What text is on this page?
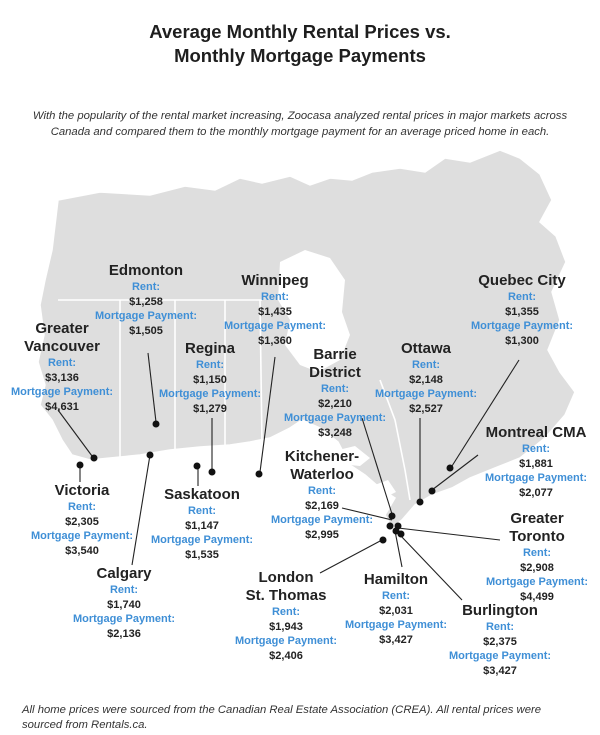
Average Monthly Rental Prices vs.
Monthly Mortgage Payments
With the popularity of the rental market increasing, Zoocasa analyzed rental prices in major markets across Canada and compared them to the monthly mortgage payment for an average priced home in each.
Edmonton
Rent:
$1,258
Mortgage Payment:
$1,505
Winnipeg
Rent:
$1,435
Mortgage Payment:
$1,360
Quebec City
Rent:
$1,355
Mortgage Payment:
$1,300
Greater
Vancouver
Rent:
$3,136
Mortgage Payment:
$4,631
Regina
Rent:
$1,150
Mortgage Payment:
$1,279
Barrie
District
Rent:
$2,210
Mortgage Payment:
$3,248
Ottawa
Rent:
$2,148
Mortgage Payment:
$2,527
Montreal CMA
Rent:
$1,881
Mortgage Payment:
$2,077
Kitchener-
Waterloo
Rent:
$2,169
Mortgage Payment:
$2,995
Victoria
Rent:
$2,305
Mortgage Payment:
$3,540
Saskatoon
Rent:
$1,147
Mortgage Payment:
$1,535
Greater
Toronto
Rent:
$2,908
Mortgage Payment:
$4,499
Calgary
Rent:
$1,740
Mortgage Payment:
$2,136
London
St. Thomas
Rent:
$1,943
Mortgage Payment:
$2,406
Hamilton
Rent:
$2,031
Mortgage Payment:
$3,427
Burlington
Rent:
$2,375
Mortgage Payment:
$3,427
All home prices were sourced from the Canadian Real Estate Association (CREA). All rental prices were sourced from Rentals.ca.
